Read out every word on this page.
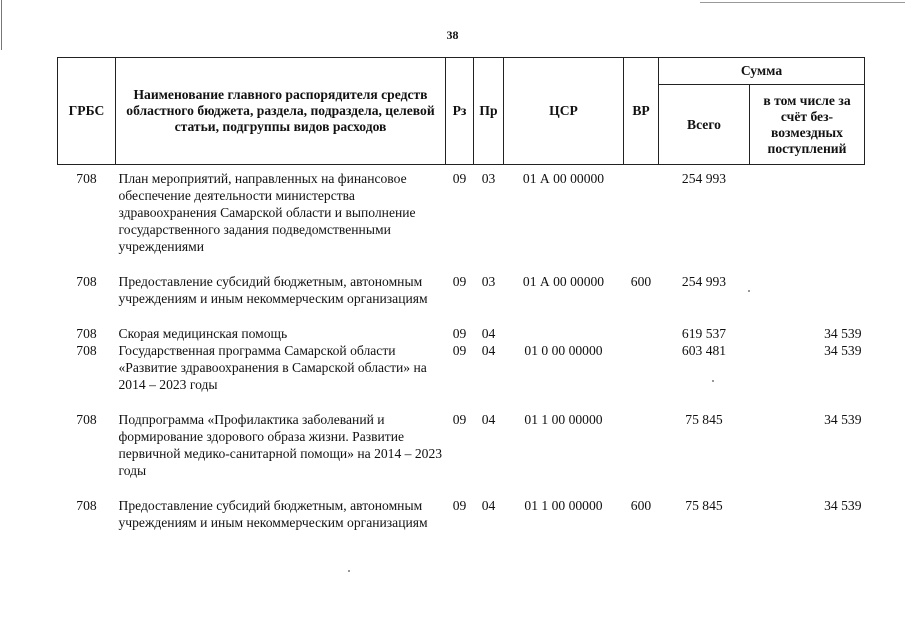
38
ГРБС	Наименование главного распорядителя средств областного бюджета, раздела, подраздела, целевой статьи, подгруппы видов расходов	Рз	Пр	ЦСР	ВР	Сумма	
						Всего	в том числе за счёт без-возмездных поступлений
708	План мероприятий, направленных на финансовое обеспечение деятельности министерства здравоохранения Самарской области и выполнение государственного задания подведомственными учреждениями	09	03	01 А 00 00000		254 993	

708	Предоставление субсидий бюджетным, автономным учреждениям и иным некоммерческим организациям	09	03	01 А 00 00000	600	254 993	

708	Скорая медицинская помощь	09	04			619 537	34 539
708	Государственная программа Самарской области «Развитие здравоохранения в Самарской области» на 2014 – 2023 годы	09	04	01 0 00 00000		603 481	34 539

708	Подпрограмма «Профилактика заболеваний и формирование здорового образа жизни. Развитие первичной медико-санитарной помощи» на 2014 – 2023 годы	09	04	01 1 00 00000		75 845	34 539

708	Предоставление субсидий бюджетным, автономным учреждениям и иным некоммерческим организациям	09	04	01 1 00 00000	600	75 845	34 539
